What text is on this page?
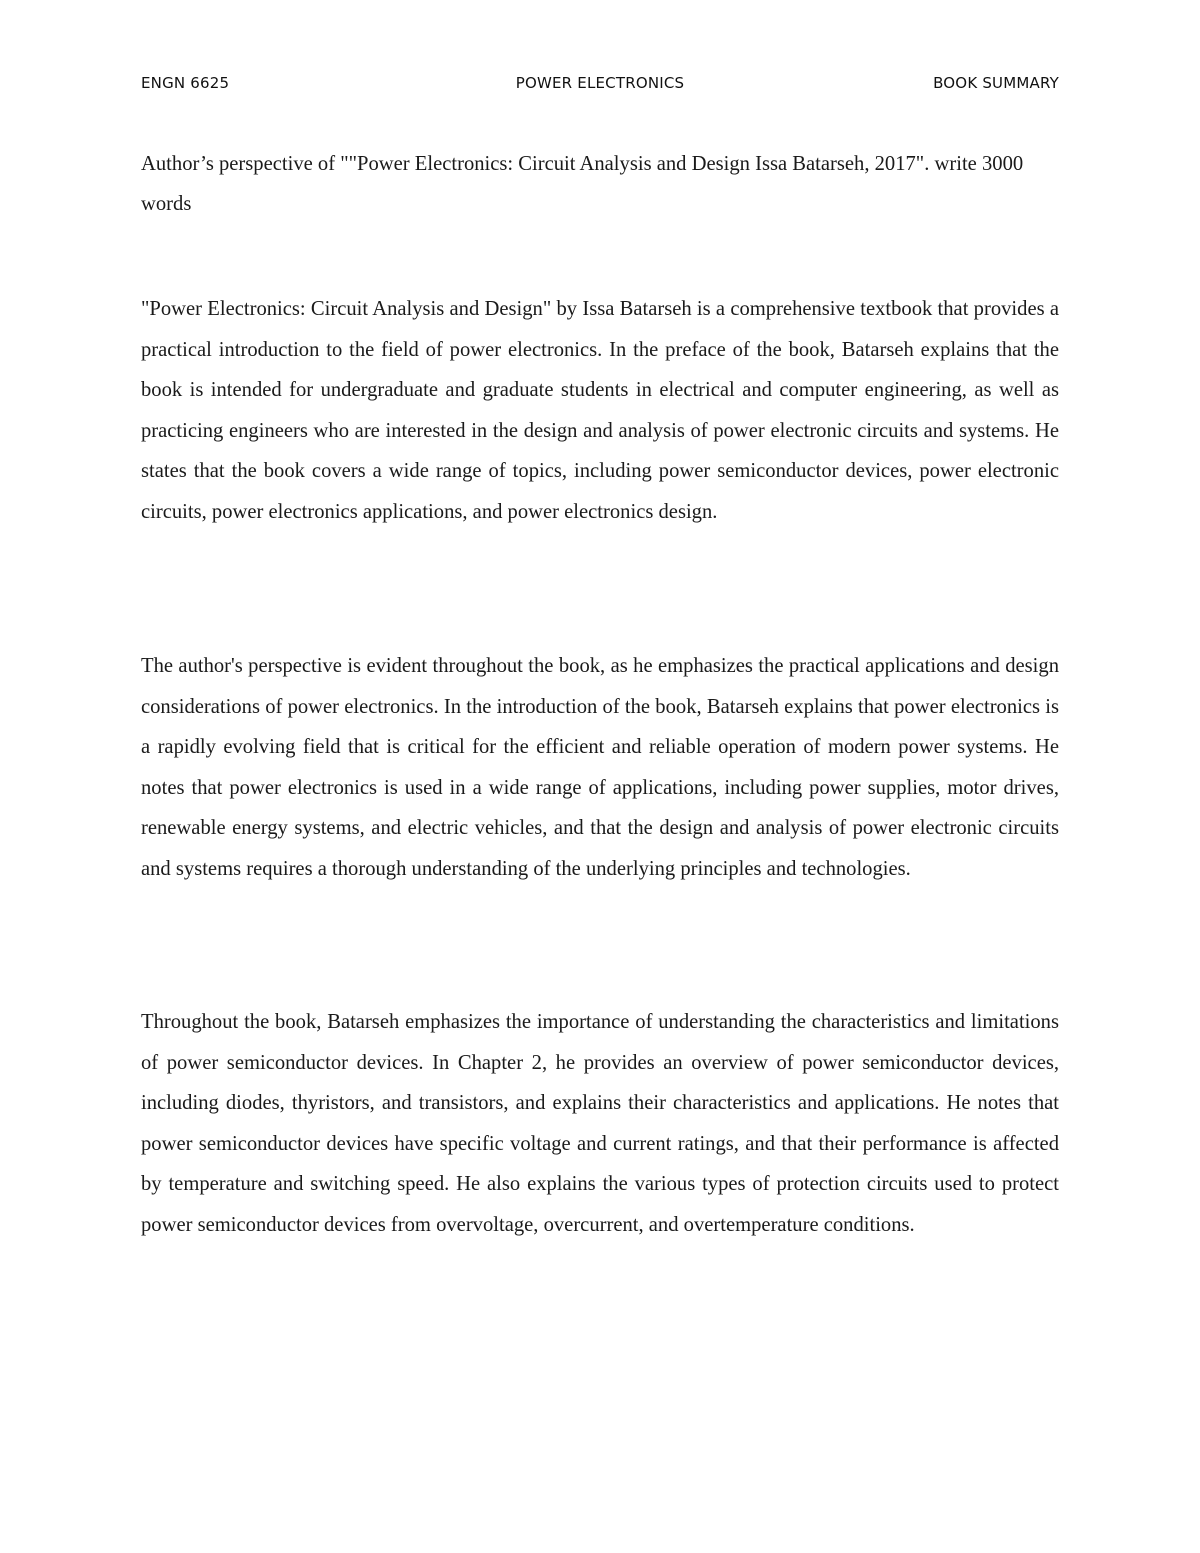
ENGN 6625	POWER ELECTRONICS	BOOK SUMMARY
Author’s perspective of ""Power Electronics: Circuit Analysis and Design Issa Batarseh, 2017". write 3000 words

"Power Electronics: Circuit Analysis and Design" by Issa Batarseh is a comprehensive textbook that provides a practical introduction to the field of power electronics. In the preface of the book, Batarseh explains that the book is intended for undergraduate and graduate students in electrical and computer engineering, as well as practicing engineers who are interested in the design and analysis of power electronic circuits and systems. He states that the book covers a wide range of topics, including power semiconductor devices, power electronic circuits, power electronics applications, and power electronics design.

The author's perspective is evident throughout the book, as he emphasizes the practical applications and design considerations of power electronics. In the introduction of the book, Batarseh explains that power electronics is a rapidly evolving field that is critical for the efficient and reliable operation of modern power systems. He notes that power electronics is used in a wide range of applications, including power supplies, motor drives, renewable energy systems, and electric vehicles, and that the design and analysis of power electronic circuits and systems requires a thorough understanding of the underlying principles and technologies.

Throughout the book, Batarseh emphasizes the importance of understanding the characteristics and limitations of power semiconductor devices. In Chapter 2, he provides an overview of power semiconductor devices, including diodes, thyristors, and transistors, and explains their characteristics and applications. He notes that power semiconductor devices have specific voltage and current ratings, and that their performance is affected by temperature and switching speed. He also explains the various types of protection circuits used to protect power semiconductor devices from overvoltage, overcurrent, and overtemperature conditions.
